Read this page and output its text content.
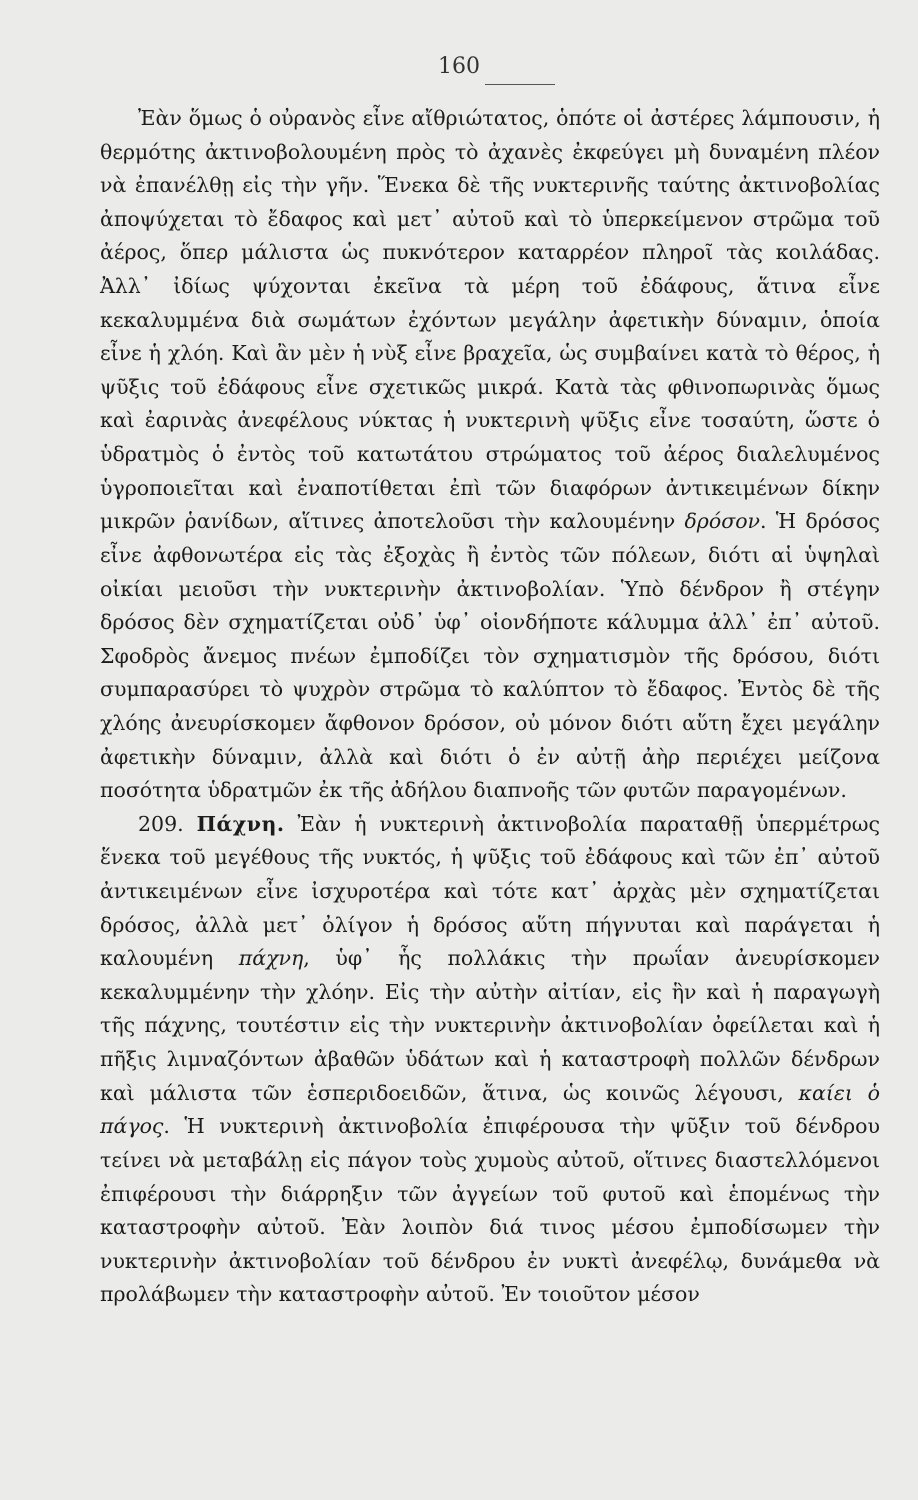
160

Ἐὰν ὅμως ὁ οὐρανὸς εἶνε αἴθριώτατος, ὁπότε οἱ ἀστέρες λάμπουσιν, ἡ θερμότης ἀκτινοβολουμένη πρὸς τὸ ἀχανὲς ἐκφεύγει μὴ δυναμένη πλέον νὰ ἐπανέλθῃ εἰς τὴν γῆν. Ἕνεκα δὲ τῆς νυκτερινῆς ταύτης ἀκτινοβολίας ἀποψύχεται τὸ ἔδαφος καὶ μετ᾽ αὐτοῦ καὶ τὸ ὑπερκείμενον στρῶμα τοῦ ἀέρος, ὅπερ μάλιστα ὡς πυκνότερον καταρρέον πληροῖ τὰς κοιλάδας. Ἀλλ᾽ ἰδίως ψύχονται ἐκεῖνα τὰ μέρη τοῦ ἐδάφους, ἅτινα εἶνε κεκαλυμμένα διὰ σωμάτων ἐχόντων μεγάλην ἀφετικὴν δύναμιν, ὁποία εἶνε ἡ χλόη. Καὶ ἂν μὲν ἡ νὺξ εἶνε βραχεῖα, ὡς συμβαίνει κατὰ τὸ θέρος, ἡ ψῦξις τοῦ ἐδάφους εἶνε σχετικῶς μικρά. Κατὰ τὰς φθινοπωρινὰς ὅμως καὶ ἐαρινὰς ἀνεφέλους νύκτας ἡ νυκτερινὴ ψῦξις εἶνε τοσαύτη, ὥστε ὁ ὑδρατμὸς ὁ ἐντὸς τοῦ κατωτάτου στρώματος τοῦ ἀέρος διαλελυμένος ὑγροποιεῖται καὶ ἐναποτίθεται ἐπὶ τῶν διαφόρων ἀντικειμένων δίκην μικρῶν ῥανίδων, αἵτινες ἀποτελοῦσι τὴν καλουμένην δρόσον. Ἡ δρόσος εἶνε ἀφθονωτέρα εἰς τὰς ἐξοχὰς ἢ ἐντὸς τῶν πόλεων, διότι αἱ ὑψηλαὶ οἰκίαι μειοῦσι τὴν νυκτερινὴν ἀκτινοβολίαν. Ὑπὸ δένδρον ἢ στέγην δρόσος δὲν σχηματίζεται οὐδ᾽ ὑφ᾽ οἱονδήποτε κάλυμμα ἀλλ᾽ ἐπ᾽ αὐτοῦ. Σφοδρὸς ἄνεμος πνέων ἐμποδίζει τὸν σχηματισμὸν τῆς δρόσου, διότι συμπαρασύρει τὸ ψυχρὸν στρῶμα τὸ καλύπτον τὸ ἔδαφος. Ἐντὸς δὲ τῆς χλόης ἀνευρίσκομεν ἄφθονον δρόσον, οὐ μόνον διότι αὕτη ἔχει μεγάλην ἀφετικὴν δύναμιν, ἀλλὰ καὶ διότι ὁ ἐν αὐτῇ ἀὴρ περιέχει μείζονα ποσότητα ὑδρατμῶν ἐκ τῆς ἀδήλου διαπνοῆς τῶν φυτῶν παραγομένων.

209. Πάχνη. Ἐὰν ἡ νυκτερινὴ ἀκτινοβολία παραταθῇ ὑπερμέτρως ἕνεκα τοῦ μεγέθους τῆς νυκτός, ἡ ψῦξις τοῦ ἐδάφους καὶ τῶν ἐπ᾽ αὐτοῦ ἀντικειμένων εἶνε ἰσχυροτέρα καὶ τότε κατ᾽ ἀρχὰς μὲν σχηματίζεται δρόσος, ἀλλὰ μετ᾽ ὀλίγον ἡ δρόσος αὕτη πήγνυται καὶ παράγεται ἡ καλουμένη πάχνη, ὑφ᾽ ἧς πολλάκις τὴν πρωΐαν ἀνευρίσκομεν κεκαλυμμένην τὴν χλόην. Εἰς τὴν αὐτὴν αἰτίαν, εἰς ἣν καὶ ἡ παραγωγὴ τῆς πάχνης, τουτέστιν εἰς τὴν νυκτερινὴν ἀκτινοβολίαν ὀφείλεται καὶ ἡ πῆξις λιμναζόντων ἀβαθῶν ὑδάτων καὶ ἡ καταστροφὴ πολλῶν δένδρων καὶ μάλιστα τῶν ἑσπεριδοειδῶν, ἅτινα, ὡς κοινῶς λέγουσι, καίει ὁ πάγος. Ἡ νυκτερινὴ ἀκτινοβολία ἐπιφέρουσα τὴν ψῦξιν τοῦ δένδρου τείνει νὰ μεταβάλῃ εἰς πάγον τοὺς χυμοὺς αὐτοῦ, οἵτινες διαστελλόμενοι ἐπιφέρουσι τὴν διάρρηξιν τῶν ἀγγείων τοῦ φυτοῦ καὶ ἑπομένως τὴν καταστροφὴν αὐτοῦ. Ἐὰν λοιπὸν διά τινος μέσου ἐμποδίσωμεν τὴν νυκτερινὴν ἀκτινοβολίαν τοῦ δένδρου ἐν νυκτὶ ἀνεφέλῳ, δυνάμεθα νὰ προλάβωμεν τὴν καταστροφὴν αὐτοῦ. Ἐν τοιοῦτον μέσον
